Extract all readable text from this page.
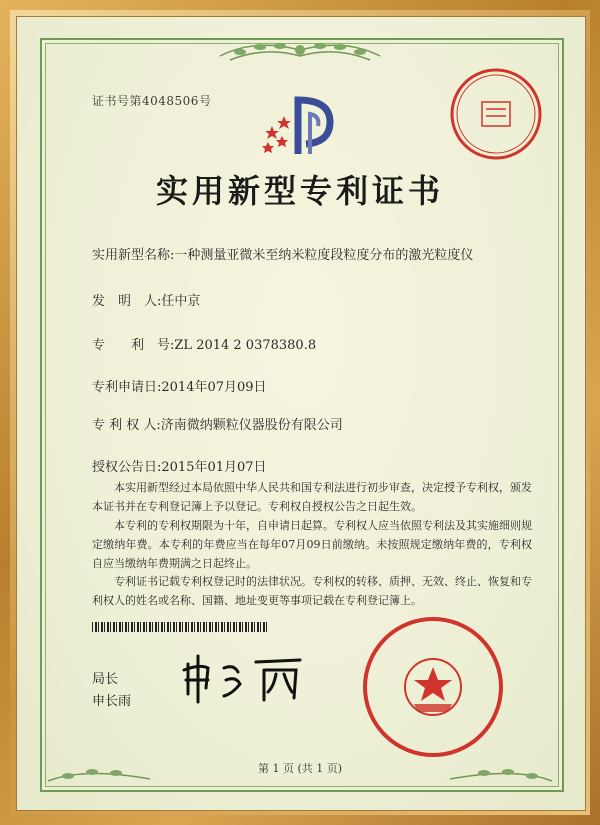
证书号第4048506号
实用新型专利证书
实用新型名称:一种测量亚微米至纳米粒度段粒度分布的激光粒度仪
发　明　人:任中京
专　　利　号:ZL 2014 2 0378380.8
专利申请日:2014年07月09日
专 利 权 人:济南微纳颗粒仪器股份有限公司
授权公告日:2015年01月07日
本实用新型经过本局依照中华人民共和国专利法进行初步审查，决定授予专利权，颁发本证书并在专利登记簿上予以登记。专利权自授权公告之日起生效。
本专利的专利权期限为十年，自申请日起算。专利权人应当依照专利法及其实施细则规定缴纳年费。本专利的年费应当在每年07月09日前缴纳。未按照规定缴纳年费的，专利权自应当缴纳年费期满之日起终止。
专利证书记载专利权登记时的法律状况。专利权的转移、质押、无效、终止、恢复和专利权人的姓名或名称、国籍、地址变更等事项记载在专利登记簿上。
局长
申长雨
第 1 页 (共 1 页)
